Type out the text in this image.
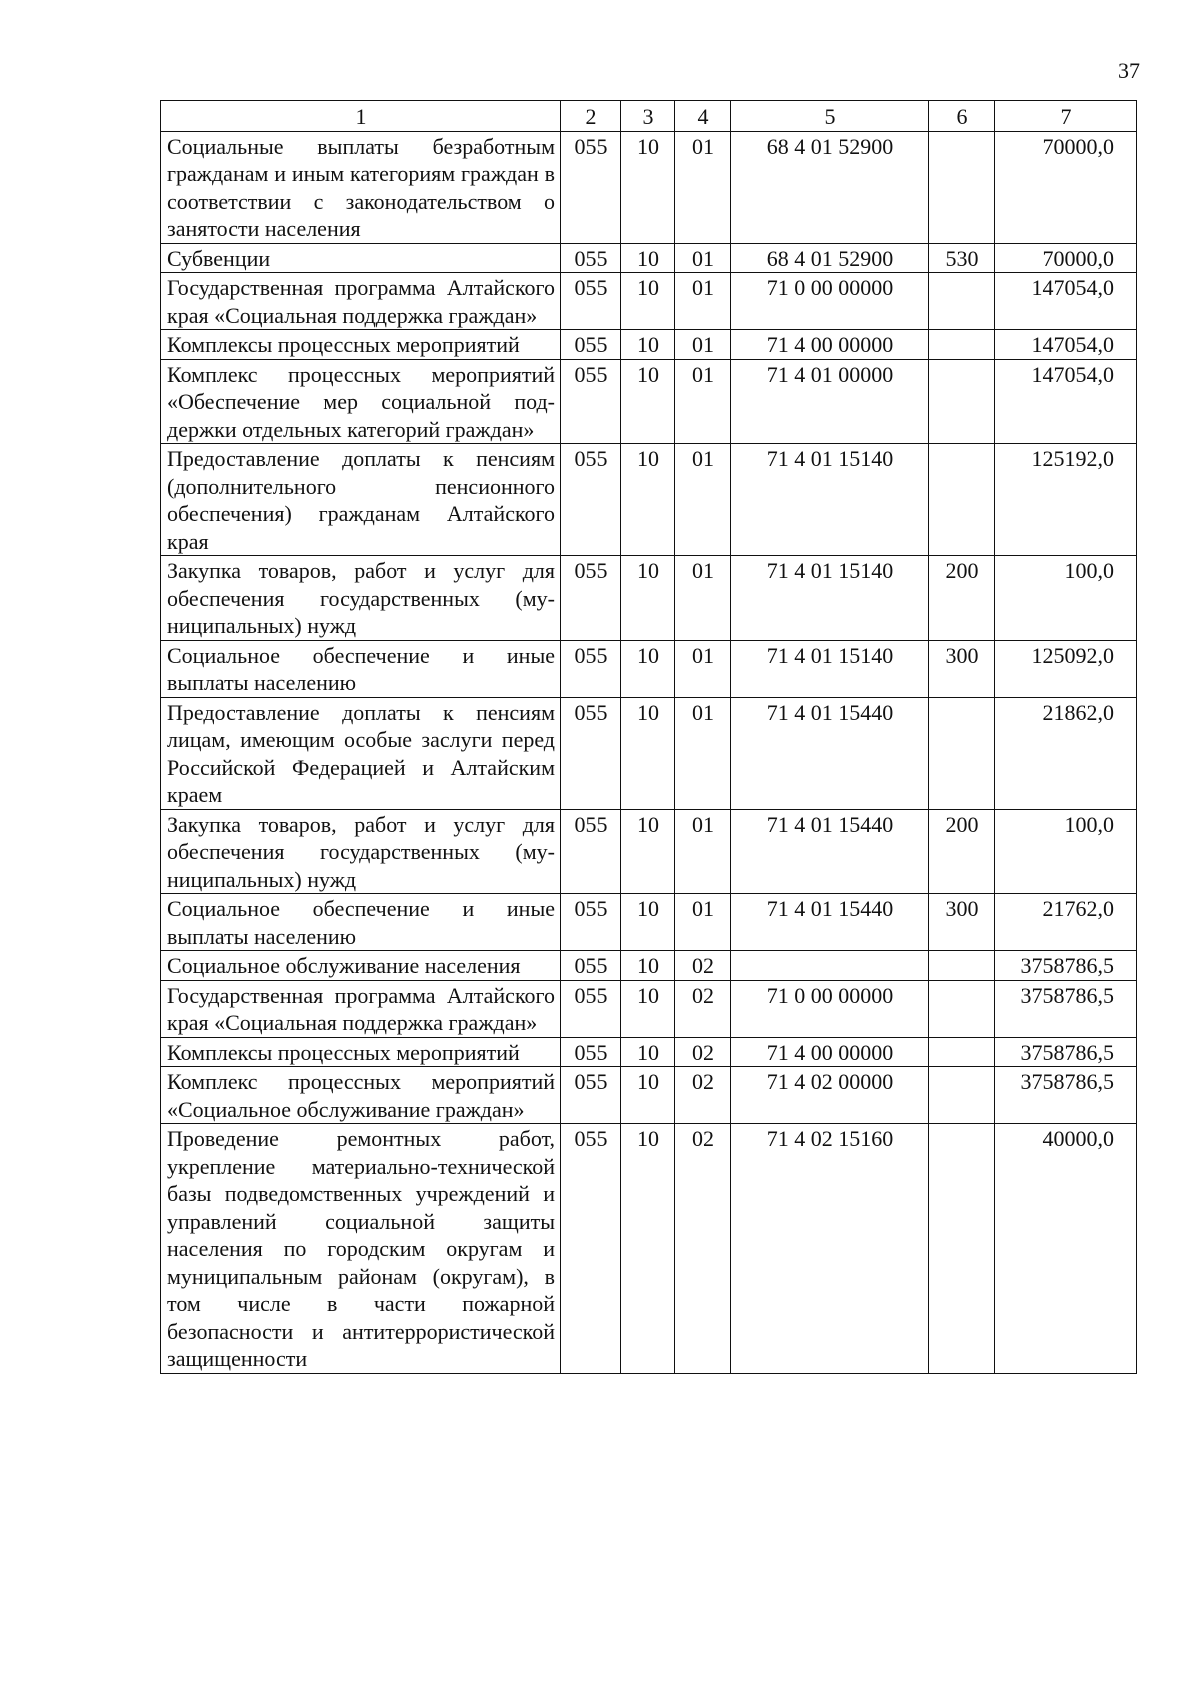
37
1	2	3	4	5	6	7
Социальные выплаты безработным гражданам и иным категориям граждан в соответствии с законодательством о занятости населения	055	10	01	68 4 01 52900		70000,0
Субвенции	055	10	01	68 4 01 52900	530	70000,0
Государственная программа Алтайского края «Социальная поддержка граждан»	055	10	01	71 0 00 00000		147054,0
Комплексы процессных мероприятий	055	10	01	71 4 00 00000		147054,0
Комплекс процессных мероприятий «Обеспечение мер социальной поддержки отдельных категорий граждан»	055	10	01	71 4 01 00000		147054,0
Предоставление доплаты к пенсиям (дополнительного пенсионного обеспечения) гражданам Алтайского края	055	10	01	71 4 01 15140		125192,0
Закупка товаров, работ и услуг для обеспечения государственных (муниципальных) нужд	055	10	01	71 4 01 15140	200	100,0
Социальное обеспечение и иные выплаты населению	055	10	01	71 4 01 15140	300	125092,0
Предоставление доплаты к пенсиям лицам, имеющим особые заслуги перед Российской Федерацией и Алтайским краем	055	10	01	71 4 01 15440		21862,0
Закупка товаров, работ и услуг для обеспечения государственных (муниципальных) нужд	055	10	01	71 4 01 15440	200	100,0
Социальное обеспечение и иные выплаты населению	055	10	01	71 4 01 15440	300	21762,0
Социальное обслуживание населения	055	10	02			3758786,5
Государственная программа Алтайского края «Социальная поддержка граждан»	055	10	02	71 0 00 00000		3758786,5
Комплексы процессных мероприятий	055	10	02	71 4 00 00000		3758786,5
Комплекс процессных мероприятий «Социальное обслуживание граждан»	055	10	02	71 4 02 00000		3758786,5
Проведение ремонтных работ, укрепление материально-технической базы подведомственных учреждений и управлений социальной защиты населения по городским округам и муниципальным районам (округам), в том числе в части пожарной безопасности и антитеррористической защищенности	055	10	02	71 4 02 15160		40000,0
